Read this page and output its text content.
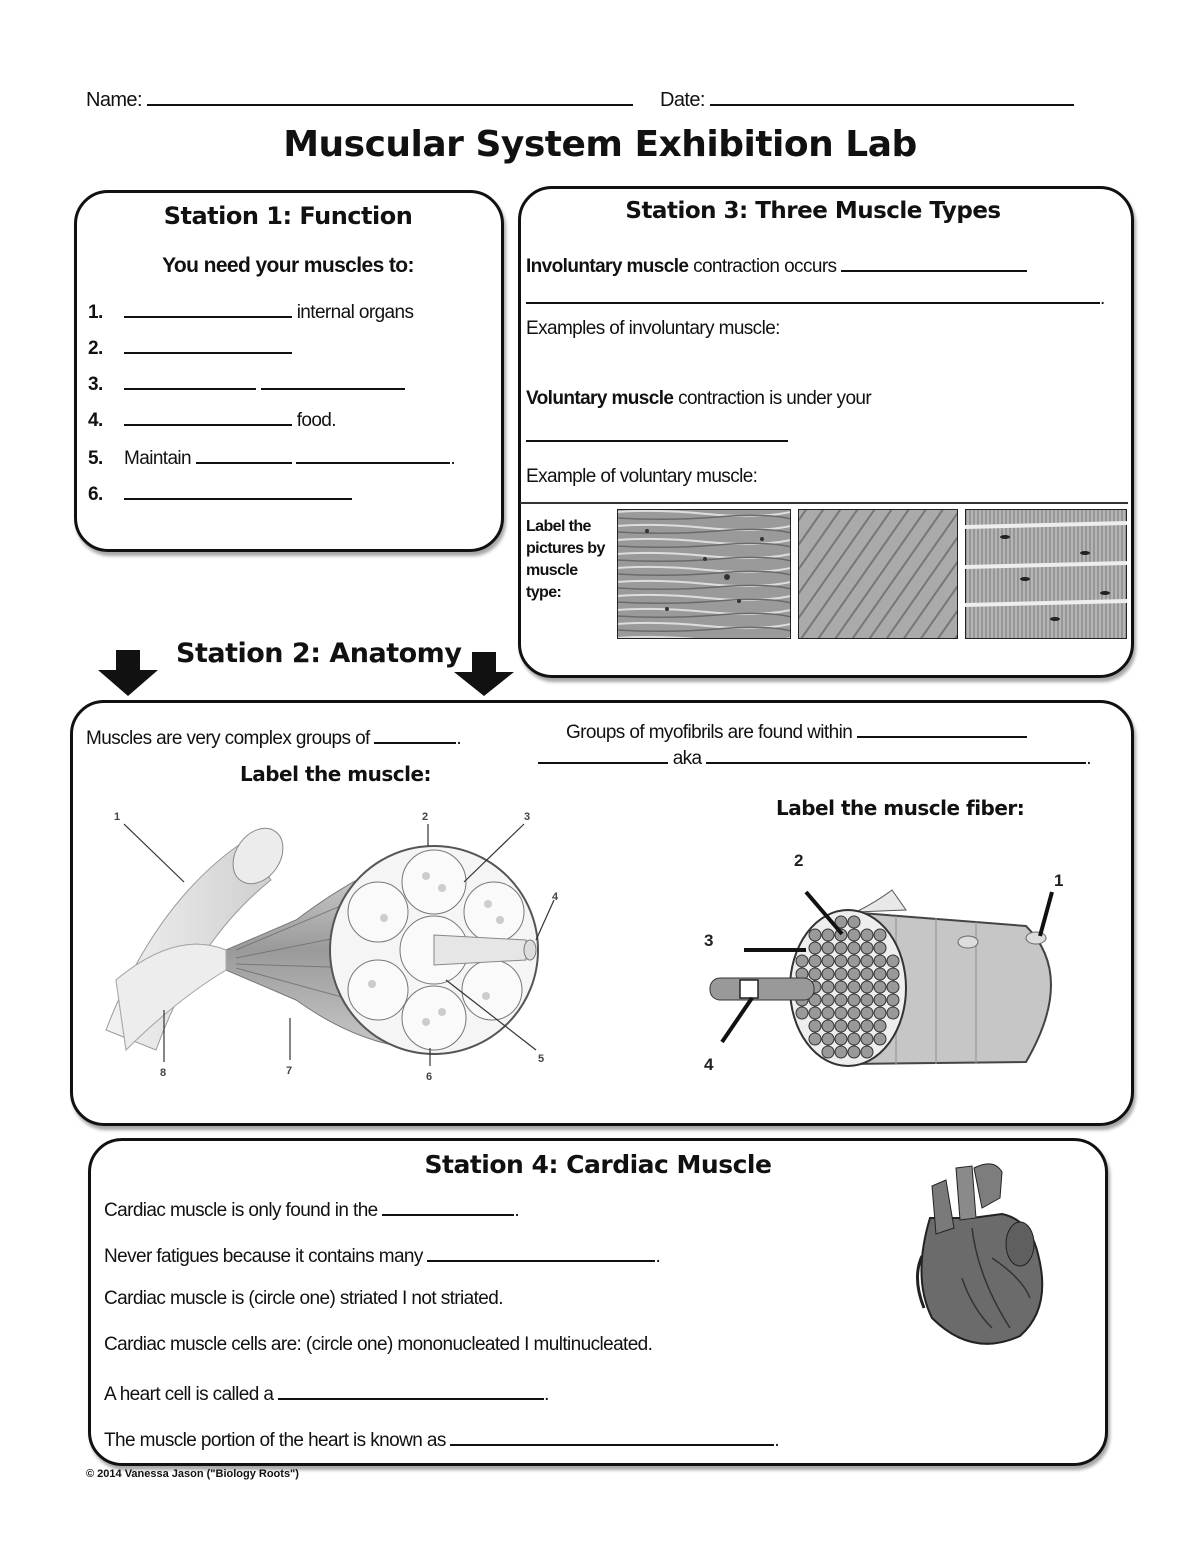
Name:	Date:
Muscular System Exhibition Lab
Station 1: Function
You need your muscles to:
1.	internal organs
2.
3.
4.	food.
5. Maintain	.
6.
Station 3: Three Muscle Types
Involuntary muscle contraction occurs
.
Examples of involuntary muscle:
Voluntary muscle contraction is under your
Example of voluntary muscle:
Label the pictures by muscle type:
Station 2: Anatomy
Muscles are very complex groups of	.	Groups of myofibrils are found within
aka	.
Label the muscle:
Label the muscle fiber:
1	2	3
4
5
6
7
8
2
3
4
1
Station 4: Cardiac Muscle
Cardiac muscle is only found in the	.
Never fatigues because it contains many	.
Cardiac muscle is (circle one) striated I not striated.
Cardiac muscle cells are: (circle one) mononucleated I multinucleated.
A heart cell is called a	.
The muscle portion of the heart is known as	.
© 2014 Vanessa Jason ("Biology Roots")
